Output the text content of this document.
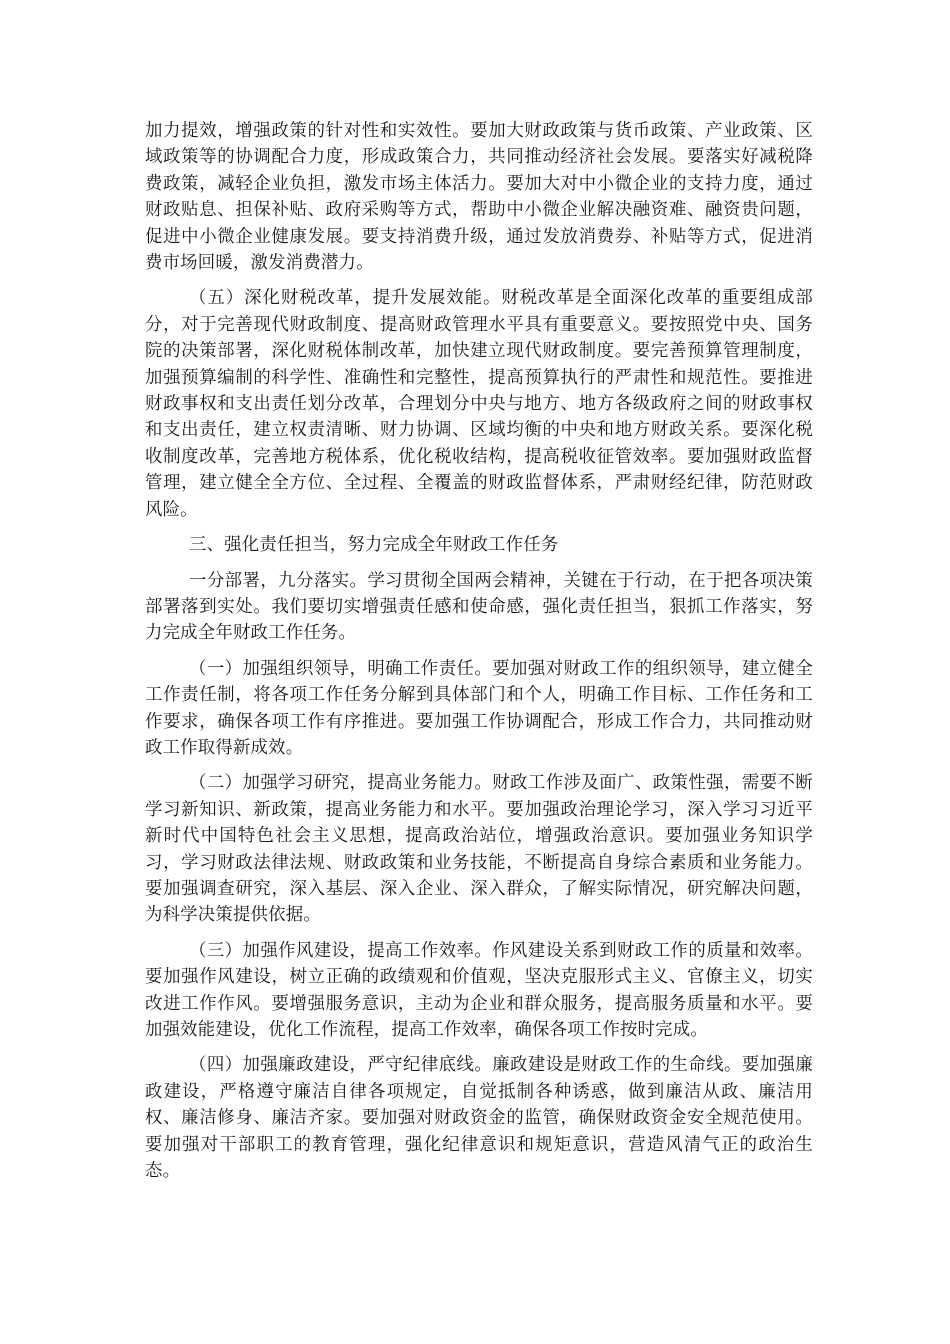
加力提效，增强政策的针对性和实效性。要加大财政政策与货币政策、产业政策、区域政策等的协调配合力度，形成政策合力，共同推动经济社会发展。要落实好减税降费政策，减轻企业负担，激发市场主体活力。要加大对中小微企业的支持力度，通过财政贴息、担保补贴、政府采购等方式，帮助中小微企业解决融资难、融资贵问题，促进中小微企业健康发展。要支持消费升级，通过发放消费券、补贴等方式，促进消费市场回暖，激发消费潜力。

（五）深化财税改革，提升发展效能。财税改革是全面深化改革的重要组成部分，对于完善现代财政制度、提高财政管理水平具有重要意义。要按照党中央、国务院的决策部署，深化财税体制改革，加快建立现代财政制度。要完善预算管理制度，加强预算编制的科学性、准确性和完整性，提高预算执行的严肃性和规范性。要推进财政事权和支出责任划分改革，合理划分中央与地方、地方各级政府之间的财政事权和支出责任，建立权责清晰、财力协调、区域均衡的中央和地方财政关系。要深化税收制度改革，完善地方税体系，优化税收结构，提高税收征管效率。要加强财政监督管理，建立健全全方位、全过程、全覆盖的财政监督体系，严肃财经纪律，防范财政风险。

三、强化责任担当，努力完成全年财政工作任务

一分部署，九分落实。学习贯彻全国两会精神，关键在于行动，在于把各项决策部署落到实处。我们要切实增强责任感和使命感，强化责任担当，狠抓工作落实，努力完成全年财政工作任务。

（一）加强组织领导，明确工作责任。要加强对财政工作的组织领导，建立健全工作责任制，将各项工作任务分解到具体部门和个人，明确工作目标、工作任务和工作要求，确保各项工作有序推进。要加强工作协调配合，形成工作合力，共同推动财政工作取得新成效。

（二）加强学习研究，提高业务能力。财政工作涉及面广、政策性强，需要不断学习新知识、新政策，提高业务能力和水平。要加强政治理论学习，深入学习习近平新时代中国特色社会主义思想，提高政治站位，增强政治意识。要加强业务知识学习，学习财政法律法规、财政政策和业务技能，不断提高自身综合素质和业务能力。要加强调查研究，深入基层、深入企业、深入群众，了解实际情况，研究解决问题，为科学决策提供依据。

（三）加强作风建设，提高工作效率。作风建设关系到财政工作的质量和效率。要加强作风建设，树立正确的政绩观和价值观，坚决克服形式主义、官僚主义，切实改进工作作风。要增强服务意识，主动为企业和群众服务，提高服务质量和水平。要加强效能建设，优化工作流程，提高工作效率，确保各项工作按时完成。

（四）加强廉政建设，严守纪律底线。廉政建设是财政工作的生命线。要加强廉政建设，严格遵守廉洁自律各项规定，自觉抵制各种诱惑，做到廉洁从政、廉洁用权、廉洁修身、廉洁齐家。要加强对财政资金的监管，确保财政资金安全规范使用。要加强对干部职工的教育管理，强化纪律意识和规矩意识，营造风清气正的政治生态。
